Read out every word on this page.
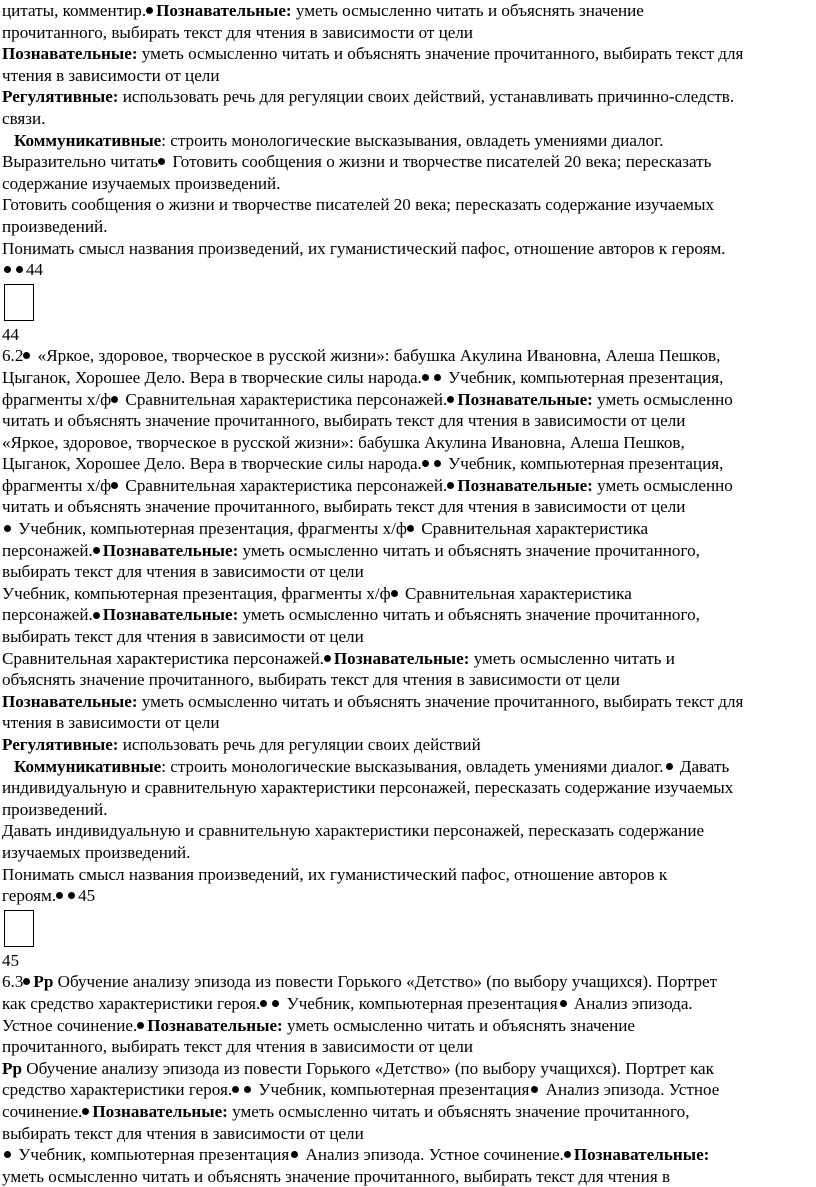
цитаты, комментир. Познавательные: уметь осмысленно читать и объяснять значение
прочитанного, выбирать текст для чтения в зависимости от цели
Познавательные: уметь осмысленно читать и объяснять значение прочитанного, выбирать текст для
чтения в зависимости от цели
Регулятивные: использовать речь для регуляции своих действий, устанавливать причинно-следств.
связи.
Коммуникативные: строить монологические высказывания, овладеть умениями диалог.
Выразительно читать Готовить сообщения о жизни и творчестве писателей 20 века; пересказать
содержание изучаемых произведений.
Готовить сообщения о жизни и творчестве писателей 20 века; пересказать содержание изучаемых
произведений.
Понимать смысл названия произведений, их гуманистический пафос, отношение авторов к героям.
44
44
6.2 «Яркое, здоровое, творческое в русской жизни»: бабушка Акулина Ивановна, Алеша Пешков,
Цыганок, Хорошее Дело. Вера в творческие силы народа. Учебник, компьютерная презентация,
фрагменты х/ф Сравнительная характеристика персонажей. Познавательные: уметь осмысленно
читать и объяснять значение прочитанного, выбирать текст для чтения в зависимости от цели
«Яркое, здоровое, творческое в русской жизни»: бабушка Акулина Ивановна, Алеша Пешков,
Цыганок, Хорошее Дело. Вера в творческие силы народа. Учебник, компьютерная презентация,
фрагменты х/ф Сравнительная характеристика персонажей. Познавательные: уметь осмысленно
читать и объяснять значение прочитанного, выбирать текст для чтения в зависимости от цели
Учебник, компьютерная презентация, фрагменты х/ф Сравнительная характеристика
персонажей. Познавательные: уметь осмысленно читать и объяснять значение прочитанного,
выбирать текст для чтения в зависимости от цели
Учебник, компьютерная презентация, фрагменты х/ф Сравнительная характеристика
персонажей. Познавательные: уметь осмысленно читать и объяснять значение прочитанного,
выбирать текст для чтения в зависимости от цели
Сравнительная характеристика персонажей. Познавательные: уметь осмысленно читать и
объяснять значение прочитанного, выбирать текст для чтения в зависимости от цели
Познавательные: уметь осмысленно читать и объяснять значение прочитанного, выбирать текст для
чтения в зависимости от цели
Регулятивные: использовать речь для регуляции своих действий
Коммуникативные: строить монологические высказывания, овладеть умениями диалог. Давать
индивидуальную и сравнительную характеристики персонажей, пересказать содержание изучаемых
произведений.
Давать индивидуальную и сравнительную характеристики персонажей, пересказать содержание
изучаемых произведений.
Понимать смысл названия произведений, их гуманистический пафос, отношение авторов к
героям. 45
45
6.3 Рр Обучение анализу эпизода из повести Горького «Детство» (по выбору учащихся). Портрет
как средство характеристики героя. Учебник, компьютерная презентация Анализ эпизода.
Устное сочинение. Познавательные: уметь осмысленно читать и объяснять значение
прочитанного, выбирать текст для чтения в зависимости от цели
Рр Обучение анализу эпизода из повести Горького «Детство» (по выбору учащихся). Портрет как
средство характеристики героя. Учебник, компьютерная презентация Анализ эпизода. Устное
сочинение. Познавательные: уметь осмысленно читать и объяснять значение прочитанного,
выбирать текст для чтения в зависимости от цели
Учебник, компьютерная презентация Анализ эпизода. Устное сочинение. Познавательные:
уметь осмысленно читать и объяснять значение прочитанного, выбирать текст для чтения в
